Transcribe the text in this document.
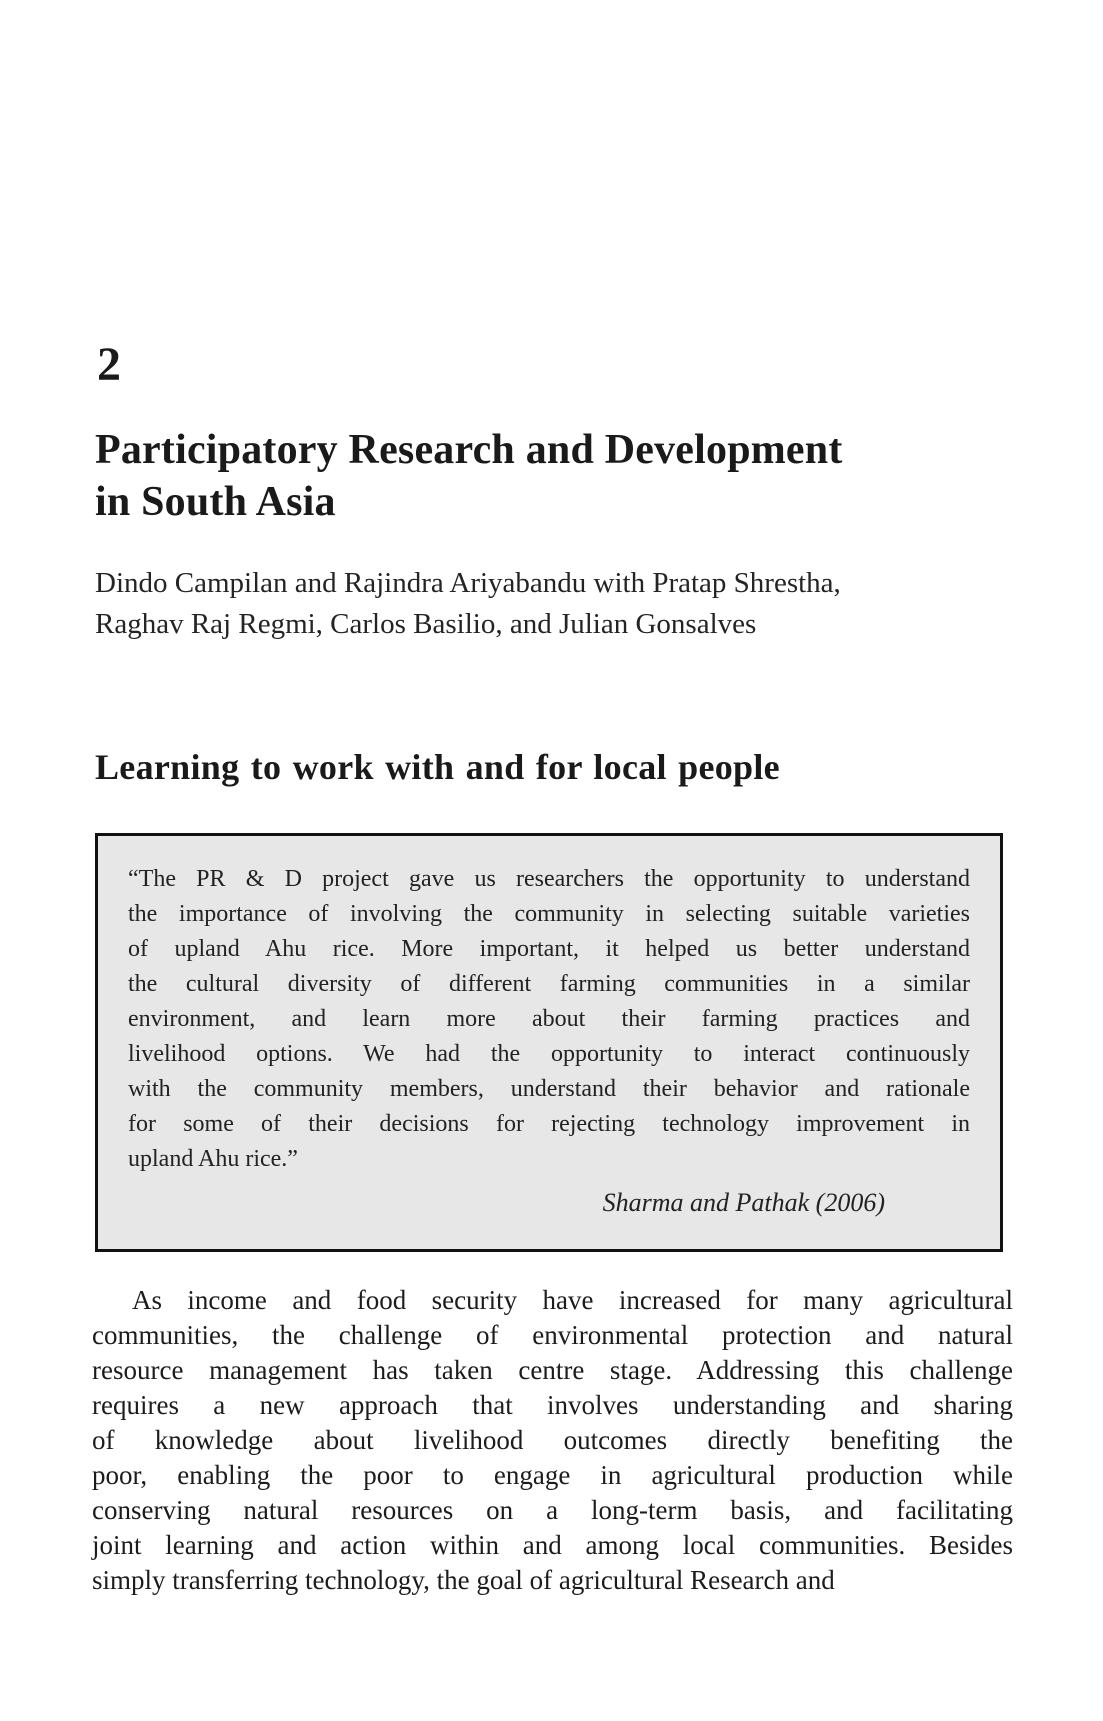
2
Participatory Research and Development
in South Asia
Dindo Campilan and Rajindra Ariyabandu with Pratap Shrestha,
Raghav Raj Regmi, Carlos Basilio, and Julian Gonsalves
Learning to work with and for local people
“The PR & D project gave us researchers the opportunity to understand
the importance of involving the community in selecting suitable varieties
of upland Ahu rice. More important, it helped us better understand
the cultural diversity of different farming communities in a similar
environment, and learn more about their farming practices and
livelihood options. We had the opportunity to interact continuously
with the community members, understand their behavior and rationale
for some of their decisions for rejecting technology improvement in
upland Ahu rice.”
Sharma and Pathak (2006)
As income and food security have increased for many agricultural
communities, the challenge of environmental protection and natural
resource management has taken centre stage. Addressing this challenge
requires a new approach that involves understanding and sharing
of knowledge about livelihood outcomes directly benefiting the
poor, enabling the poor to engage in agricultural production while
conserving natural resources on a long-term basis, and facilitating
joint learning and action within and among local communities. Besides
simply transferring technology, the goal of agricultural Research and
